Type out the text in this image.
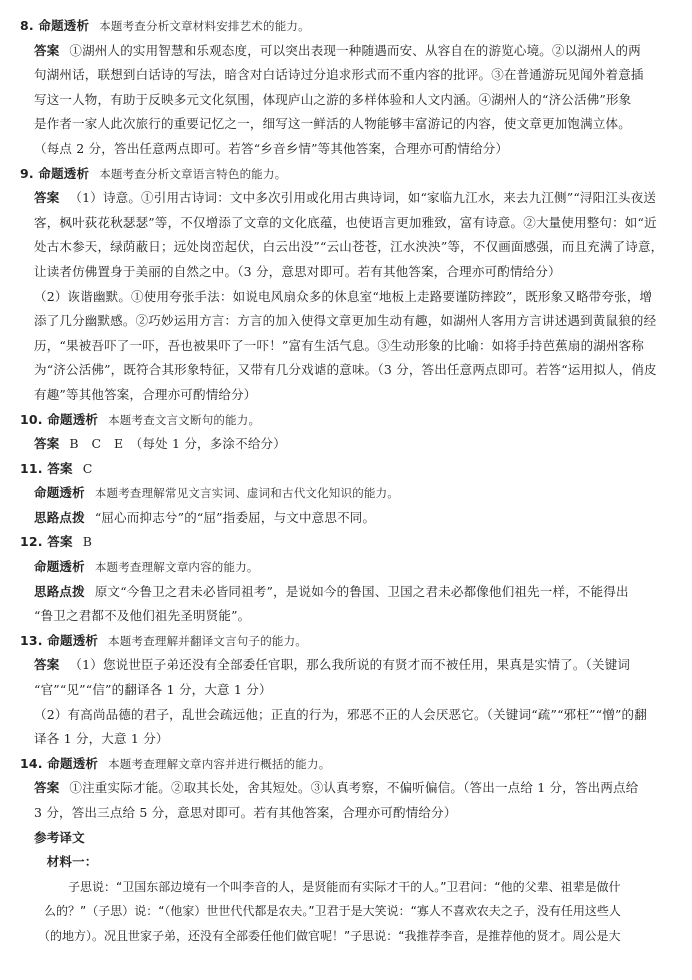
8. 命题透析 本题考查分析文章材料安排艺术的能力。
答案 ①湖州人的实用智慧和乐观态度，可以突出表现一种随遇而安、从容自在的游览心境。②以湖州人的两
句湖州话，联想到白话诗的写法，暗含对白话诗过分追求形式而不重内容的批评。③在普通游玩见闻外着意插
写这一人物，有助于反映多元文化氛围，体现庐山之游的多样体验和人文内涵。④湖州人的“济公活佛”形象
是作者一家人此次旅行的重要记忆之一，细写这一鲜活的人物能够丰富游记的内容，使文章更加饱满立体。
（每点 2 分，答出任意两点即可。若答“乡音乡情”等其他答案，合理亦可酌情给分）
9. 命题透析 本题考查分析文章语言特色的能力。
答案 （1）诗意。①引用古诗词：文中多次引用或化用古典诗词，如“家临九江水，来去九江侧”“浔阳江头夜送
客，枫叶荻花秋瑟瑟”等，不仅增添了文章的文化底蕴，也使语言更加雅致，富有诗意。②大量使用整句：如“近
处古木参天，绿荫蔽日；远处岗峦起伏，白云出没”“云山苍苍，江水泱泱”等，不仅画面感强，而且充满了诗意，
让读者仿佛置身于美丽的自然之中。（3 分，意思对即可。若有其他答案，合理亦可酌情给分）
（2）诙谐幽默。①使用夸张手法：如说电风扇众多的休息室“地板上走路要谨防摔跤”，既形象又略带夸张，增
添了几分幽默感。②巧妙运用方言：方言的加入使得文章更加生动有趣，如湖州人客用方言讲述遇到黄鼠狼的经
历，“果被吾吓了一吓，吾也被果吓了一吓！”富有生活气息。③生动形象的比喻：如将手持芭蕉扇的湖州客称
为“济公活佛”，既符合其形象特征，又带有几分戏谑的意味。（3 分，答出任意两点即可。若答“运用拟人，俏皮
有趣”等其他答案，合理亦可酌情给分）
10. 命题透析 本题考查文言文断句的能力。
答案 B　C　E　（每处 1 分，多涂不给分）
11. 答案 C
命题透析 本题考查理解常见文言实词、虚词和古代文化知识的能力。
思路点拨 “屈心而抑志兮”的“屈”指委屈，与文中意思不同。
12. 答案 B
命题透析 本题考查理解文章内容的能力。
思路点拨 原文“今鲁卫之君未必皆同祖考”，是说如今的鲁国、卫国之君未必都像他们祖先一样，不能得出
“鲁卫之君都不及他们祖先圣明贤能”。
13. 命题透析 本题考查理解并翻译文言句子的能力。
答案 （1）您说世臣子弟还没有全部委任官职，那么我所说的有贤才而不被任用，果真是实情了。（关键词
“官”“见”“信”的翻译各 1 分，大意 1 分）
（2）有高尚品德的君子，乱世会疏远他；正直的行为，邪恶不正的人会厌恶它。（关键词“疏”“邪枉”“憎”的翻
译各 1 分，大意 1 分）
14. 命题透析 本题考查理解文章内容并进行概括的能力。
答案 ①注重实际才能。②取其长处，舍其短处。③认真考察，不偏听偏信。（答出一点给 1 分，答出两点给
3 分，答出三点给 5 分，意思对即可。若有其他答案，合理亦可酌情给分）
参考译文
　材料一：
　　　　子思说：“卫国东部边境有一个叫李音的人，是贤能而有实际才干的人。”卫君问：“他的父辈、祖辈是做什
　　么的？”（子思）说：“（他家）世世代代都是农夫。”卫君于是大笑说：“寡人不喜欢农夫之子，没有任用这些人
　　（的地方）。况且世家子弟，还没有全部委任他们做官呢！”子思说：“我推荐李音，是推荐他的贤才。周公是大
